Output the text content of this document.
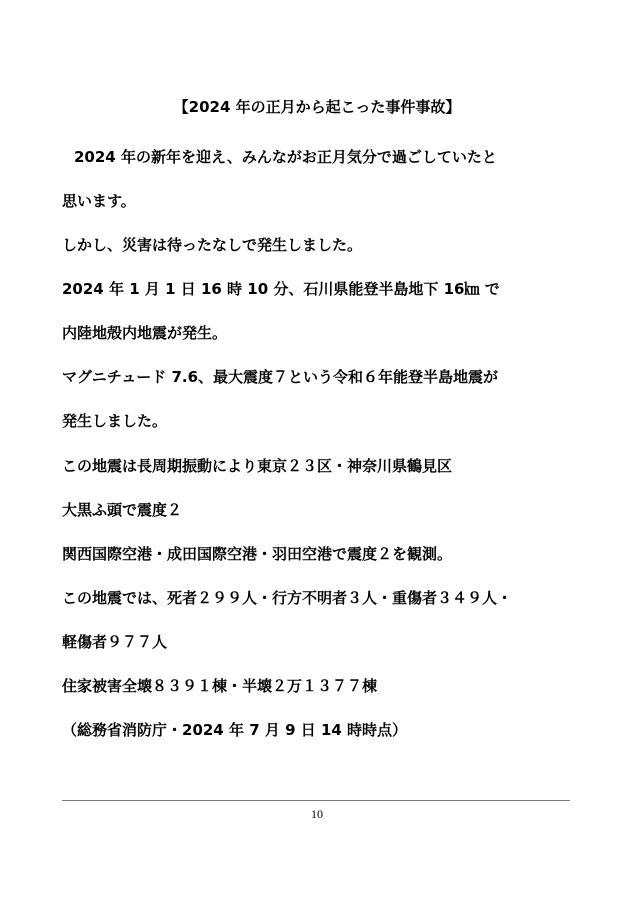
【2024 年の正月から起こった事件事故】
2024 年の新年を迎え、みんながお正月気分で過ごしていたと
思います。
しかし、災害は待ったなしで発生しました。
2024 年 1 月 1 日 16 時 10 分、石川県能登半島地下 16㎞ で
内陸地殻内地震が発生。
マグニチュード 7.6、最大震度７という令和６年能登半島地震が
発生しました。
この地震は長周期振動により東京２３区・神奈川県鶴見区
大黒ふ頭で震度２
関西国際空港・成田国際空港・羽田空港で震度２を観測。
この地震では、死者２９９人・行方不明者３人・重傷者３４９人・
軽傷者９７７人
住家被害全壊８３９１棟・半壊２万１３７７棟
（総務省消防庁・2024 年 7 月 9 日 14 時時点）
10
